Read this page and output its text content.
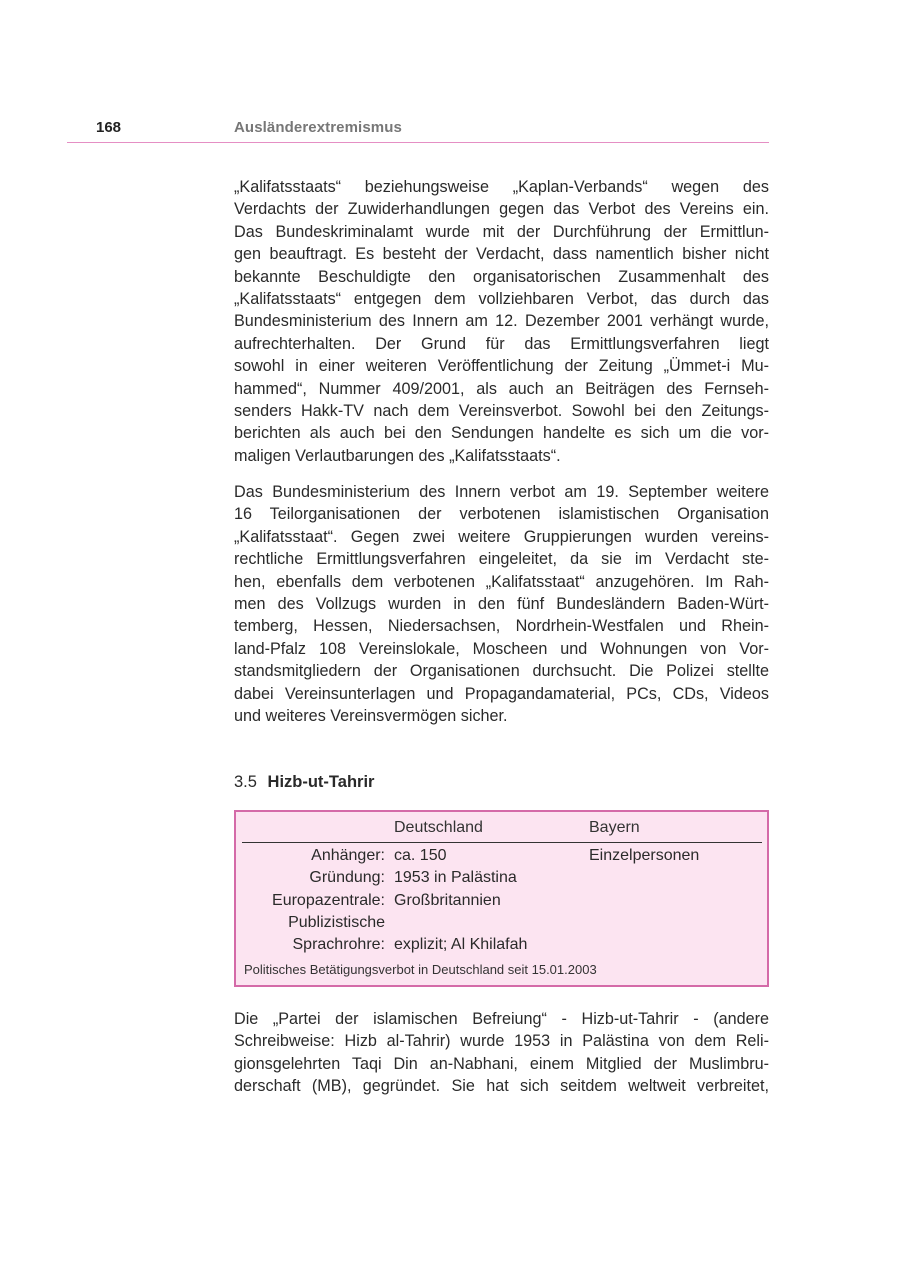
168	Ausländerextremismus
„Kalifatsstaats“ beziehungsweise „Kaplan-Verbands“ wegen des
Verdachts der Zuwiderhandlungen gegen das Verbot des Vereins ein.
Das Bundeskriminalamt wurde mit der Durchführung der Ermittlun-
gen beauftragt. Es besteht der Verdacht, dass namentlich bisher nicht
bekannte Beschuldigte den organisatorischen Zusammenhalt des
„Kalifatsstaats“ entgegen dem vollziehbaren Verbot, das durch das
Bundesministerium des Innern am 12. Dezember 2001 verhängt wurde,
aufrechterhalten. Der Grund für das Ermittlungsverfahren liegt
sowohl in einer weiteren Veröffentlichung der Zeitung „Ümmet-i Mu-
hammed“, Nummer 409/2001, als auch an Beiträgen des Fernseh-
senders Hakk-TV nach dem Vereinsverbot. Sowohl bei den Zeitungs-
berichten als auch bei den Sendungen handelte es sich um die vor-
maligen Verlautbarungen des „Kalifatsstaats“.
Das Bundesministerium des Innern verbot am 19. September weitere
16 Teilorganisationen der verbotenen islamistischen Organisation
„Kalifatsstaat“. Gegen zwei weitere Gruppierungen wurden vereins-
rechtliche Ermittlungsverfahren eingeleitet, da sie im Verdacht ste-
hen, ebenfalls dem verbotenen „Kalifatsstaat“ anzugehören. Im Rah-
men des Vollzugs wurden in den fünf Bundesländern Baden-Würt-
temberg, Hessen, Niedersachsen, Nordrhein-Westfalen und Rhein-
land-Pfalz 108 Vereinslokale, Moscheen und Wohnungen von Vor-
standsmitgliedern der Organisationen durchsucht. Die Polizei stellte
dabei Vereinsunterlagen und Propagandamaterial, PCs, CDs, Videos
und weiteres Vereinsvermögen sicher.
3.5 Hizb-ut-Tahrir
Deutschland	Bayern
Anhänger: ca. 150	Einzelpersonen
Gründung: 1953 in Palästina
Europazentrale: Großbritannien
Publizistische
Sprachrohre: explizit; Al Khilafah
Politisches Betätigungsverbot in Deutschland seit 15.01.2003
Die „Partei der islamischen Befreiung“ - Hizb-ut-Tahrir - (andere
Schreibweise: Hizb al-Tahrir) wurde 1953 in Palästina von dem Reli-
gionsgelehrten Taqi Din an-Nabhani, einem Mitglied der Muslimbru-
derschaft (MB), gegründet. Sie hat sich seitdem weltweit verbreitet,
